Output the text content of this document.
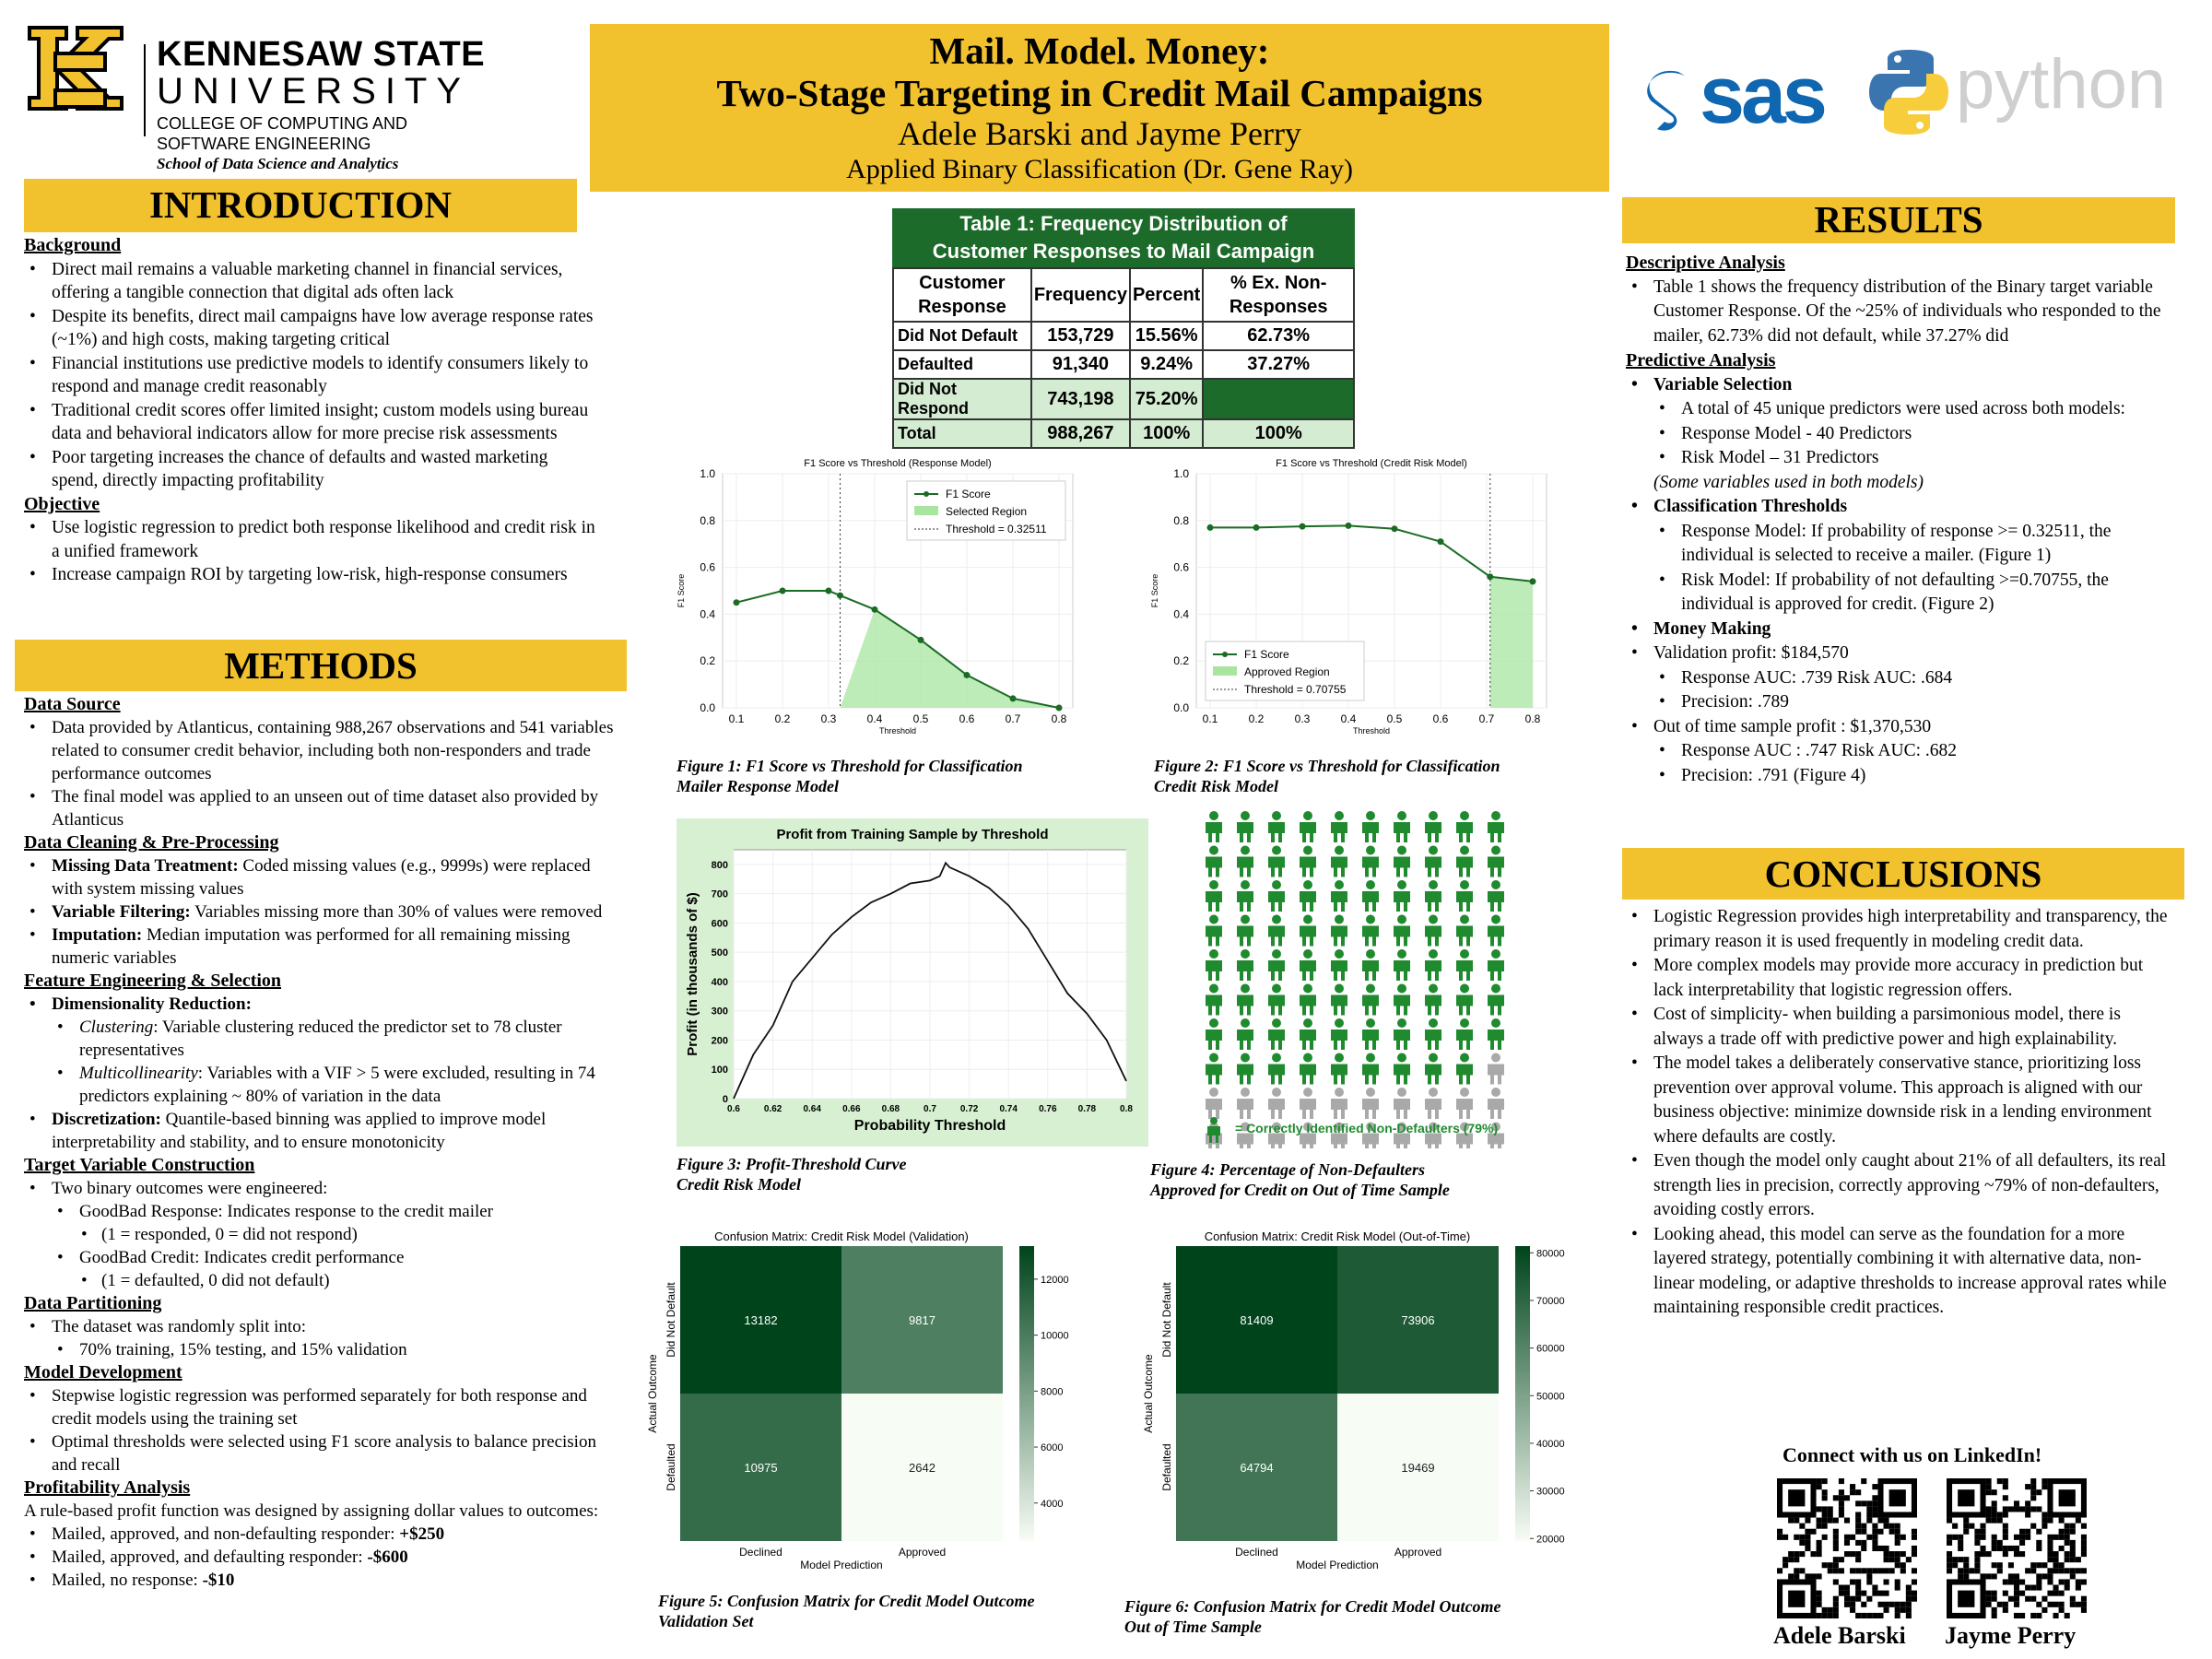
KENNESAW STATE
UNIVERSITY
COLLEGE OF COMPUTING AND
SOFTWARE ENGINEERING
School of Data Science and Analytics
Mail. Model. Money:
Two-Stage Targeting in Credit Mail Campaigns
Adele Barski and Jayme Perry
Applied Binary Classification (Dr. Gene Ray)
sas python
INTRODUCTION
Background
• Direct mail remains a valuable marketing channel in financial services, offering a tangible connection that digital ads often lack
• Despite its benefits, direct mail campaigns have low average response rates (~1%) and high costs, making targeting critical
• Financial institutions use predictive models to identify consumers likely to respond and manage credit reasonably
• Traditional credit scores offer limited insight; custom models using bureau data and behavioral indicators allow for more precise risk assessments
• Poor targeting increases the chance of defaults and wasted marketing spend, directly impacting profitability
Objective
• Use logistic regression to predict both response likelihood and credit risk in a unified framework
• Increase campaign ROI by targeting low-risk, high-response consumers
METHODS
Data Source
• Data provided by Atlanticus, containing 988,267 observations and 541 variables related to consumer credit behavior, including both non-responders and trade performance outcomes
• The final model was applied to an unseen out of time dataset also provided by Atlanticus
Data Cleaning & Pre-Processing
• Missing Data Treatment: Coded missing values (e.g., 9999s) were replaced with system missing values
• Variable Filtering: Variables missing more than 30% of values were removed
• Imputation: Median imputation was performed for all remaining missing numeric variables
Feature Engineering & Selection
• Dimensionality Reduction:
• Clustering: Variable clustering reduced the predictor set to 78 cluster representatives
• Multicollinearity: Variables with a VIF > 5 were excluded, resulting in 74 predictors explaining ~ 80% of variation in the data
• Discretization: Quantile-based binning was applied to improve model interpretability and stability, and to ensure monotonicity
Target Variable Construction
• Two binary outcomes were engineered:
• GoodBad Response: Indicates response to the credit mailer
• (1 = responded, 0 = did not respond)
• GoodBad Credit: Indicates credit performance
• (1 = defaulted, 0 did not default)
Data Partitioning
• The dataset was randomly split into:
• 70% training, 15% testing, and 15% validation
Model Development
• Stepwise logistic regression was performed separately for both response and credit models using the training set
• Optimal thresholds were selected using F1 score analysis to balance precision and recall
Profitability Analysis
A rule-based profit function was designed by assigning dollar values to outcomes:
• Mailed, approved, and non-defaulting responder: +$250
• Mailed, approved, and defaulting responder: -$600
• Mailed, no response: -$10
Table 1: Frequency Distribution of
Customer Responses to Mail Campaign
Customer Response	Frequency	Percent	% Ex. Non-Responses
Did Not Default	153,729	15.56%	62.73%
Defaulted	91,340	9.24%	37.27%
Did Not Respond	743,198	75.20%	
Total	988,267	100%	100%
F1 Score vs Threshold (Response Model)
0.1	0.2	0.3	0.4	0.5	0.6	0.7	0.8
0.0
0.2
0.4
0.6
0.8
1.0
Threshold
F1 Score
F1 Score
Selected Region
Threshold = 0.32511
F1 Score vs Threshold (Credit Risk Model)
0.1	0.2	0.3	0.4	0.5	0.6	0.7	0.8
0.0
0.2
0.4
0.6
0.8
1.0
Threshold
F1 Score
F1 Score
Approved Region
Threshold = 0.70755
Figure 1: F1 Score vs Threshold for Classification
Mailer Response Model
Figure 2: F1 Score vs Threshold for Classification
Credit Risk Model
Profit from Training Sample by Threshold
0.6	0.62 0.64 0.66 0.68	0.7	0.72 0.74 0.76 0.78	0.8
0
100
200
300
400
500
600
700
800
Probability Threshold
Profit (in thousands of $)
Figure 3: Profit-Threshold Curve
Credit Risk Model
= Correctly Identified Non-Defaulters (79%)
Figure 4: Percentage of Non-Defaulters
Approved for Credit on Out of Time Sample
Confusion Matrix: Credit Risk Model (Validation)
13182	9817
10975	2642
Declined	Approved
Model Prediction
Did Not Default
Defaulted
Actual Outcome
12000
10000
8000
6000
4000
Confusion Matrix: Credit Risk Model (Out-of-Time)
81409	73906
64794	19469
Declined	Approved
Model Prediction
Did Not Default
Defaulted
Actual Outcome
80000
70000
60000
50000
40000
30000
20000
Figure 5: Confusion Matrix for Credit Model Outcome
Validation Set
Figure 6: Confusion Matrix for Credit Model Outcome
Out of Time Sample
RESULTS
Descriptive Analysis
• Table 1 shows the frequency distribution of the Binary target variable Customer Response. Of the ~25% of individuals who responded to the mailer, 62.73% did not default, while 37.27% did
Predictive Analysis
• Variable Selection
• A total of 45 unique predictors were used across both models:
• Response Model - 40 Predictors
• Risk Model – 31 Predictors
(Some variables used in both models)
• Classification Thresholds
• Response Model: If probability of response >= 0.32511, the individual is selected to receive a mailer. (Figure 1)
• Risk Model: If probability of not defaulting >=0.70755, the individual is approved for credit. (Figure 2)
• Money Making
• Validation profit: $184,570
• Response AUC: .739 Risk AUC: .684
• Precision: .789
• Out of time sample profit : $1,370,530
• Response AUC : .747 Risk AUC: .682
• Precision: .791 (Figure 4)
CONCLUSIONS
• Logistic Regression provides high interpretability and transparency, the primary reason it is used frequently in modeling credit data.
• More complex models may provide more accuracy in prediction but lack interpretability that logistic regression offers.
• Cost of simplicity- when building a parsimonious model, there is always a trade off with predictive power and high explainability.
• The model takes a deliberately conservative stance, prioritizing loss prevention over approval volume. This approach is aligned with our business objective: minimize downside risk in a lending environment where defaults are costly.
• Even though the model only caught about 21% of all defaulters, its real strength lies in precision, correctly approving ~79% of non-defaulters, avoiding costly errors.
• Looking ahead, this model can serve as the foundation for a more layered strategy, potentially combining it with alternative data, non-linear modeling, or adaptive thresholds to increase approval rates while maintaining responsible credit practices.
Connect with us on LinkedIn!
Adele Barski Jayme Perry
